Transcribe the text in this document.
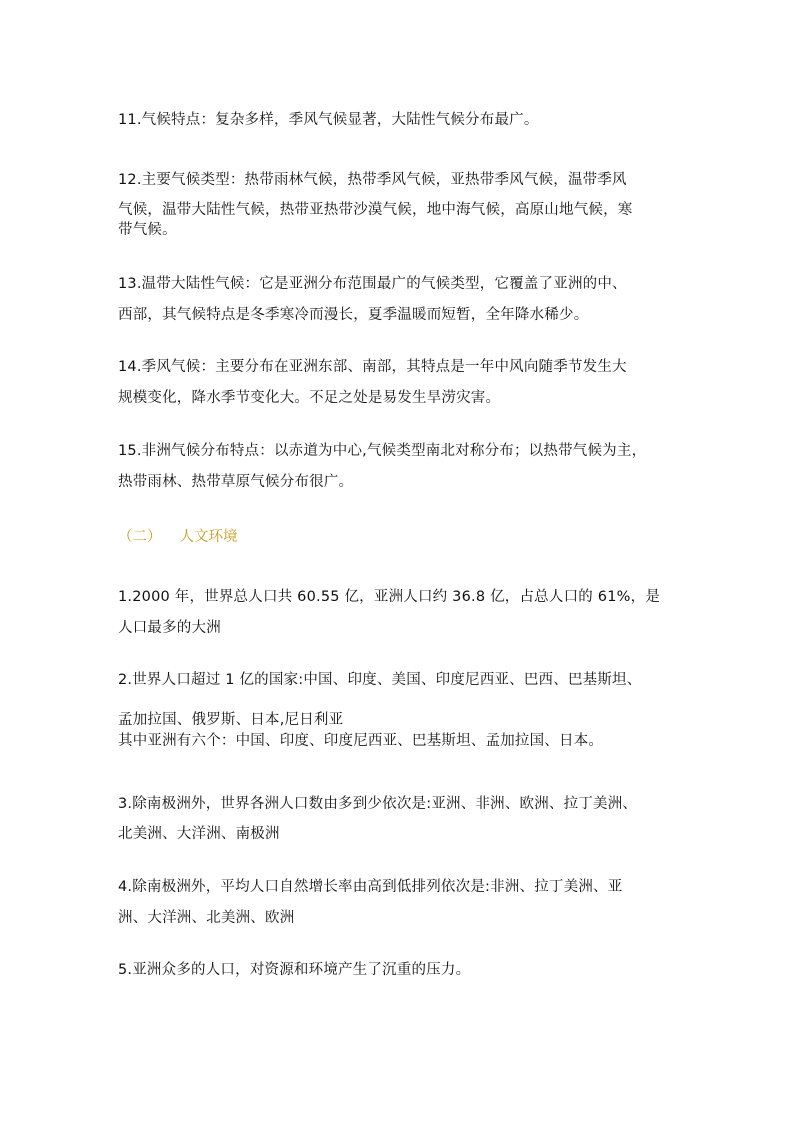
11.气候特点：复杂多样，季风气候显著，大陆性气候分布最广。
12.主要气候类型：热带雨林气候，热带季风气候，亚热带季风气候，温带季风
气候，温带大陆性气候，热带亚热带沙漠气候，地中海气候，高原山地气候，寒
带气候。
13.温带大陆性气候：它是亚洲分布范围最广的气候类型，它覆盖了亚洲的中、
西部，其气候特点是冬季寒冷而漫长，夏季温暖而短暂，全年降水稀少。
14.季风气候：主要分布在亚洲东部、南部，其特点是一年中风向随季节发生大
规模变化，降水季节变化大。不足之处是易发生旱涝灾害。
15.非洲气候分布特点：以赤道为中心,气候类型南北对称分布；以热带气候为主，
热带雨林、热带草原气候分布很广。
（二） 人文环境
1.2000 年，世界总人口共 60.55 亿，亚洲人口约 36.8 亿，占总人口的 61%，是
人口最多的大洲
2.世界人口超过 1 亿的国家:中国、印度、美国、印度尼西亚、巴西、巴基斯坦、
孟加拉国、俄罗斯、日本,尼日利亚
其中亚洲有六个：中国、印度、印度尼西亚、巴基斯坦、孟加拉国、日本。
3.除南极洲外，世界各洲人口数由多到少依次是:亚洲、非洲、欧洲、拉丁美洲、
北美洲、大洋洲、南极洲
4.除南极洲外，平均人口自然增长率由高到低排列依次是:非洲、拉丁美洲、亚
洲、大洋洲、北美洲、欧洲
5.亚洲众多的人口，对资源和环境产生了沉重的压力。
